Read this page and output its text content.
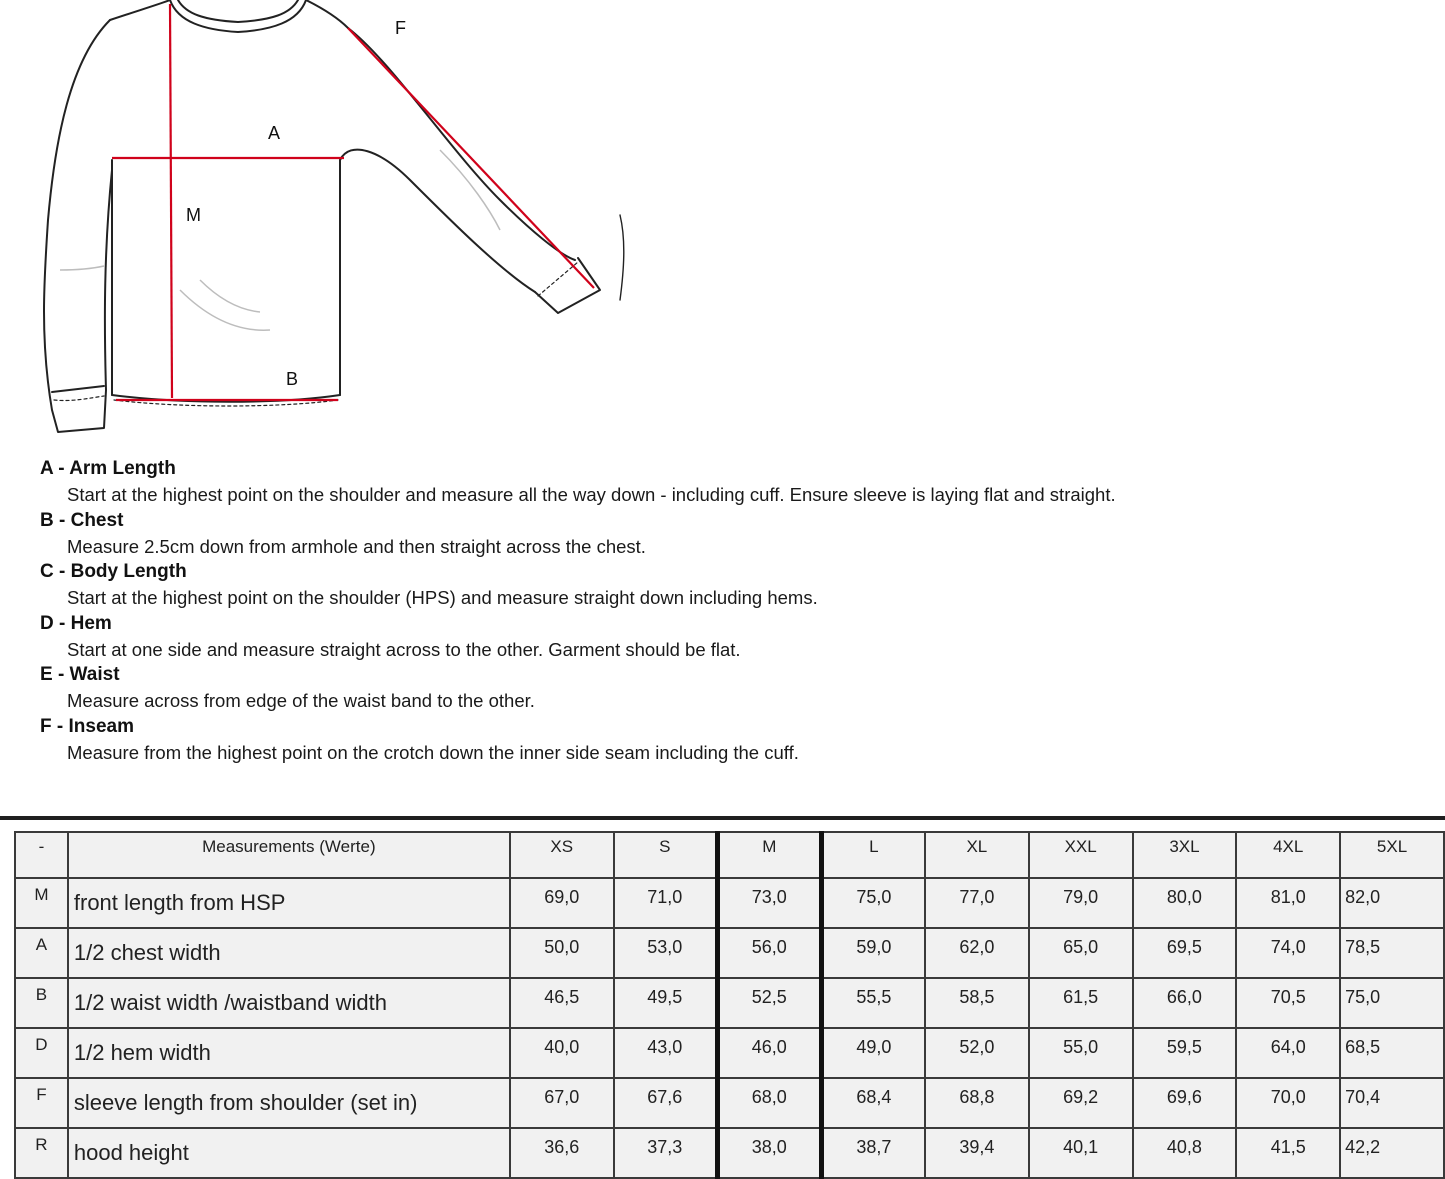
A
B
M
F
A - Arm Length
Start at the highest point on the shoulder and measure all the way down - including cuff. Ensure sleeve is laying flat and straight.
B - Chest
Measure 2.5cm down from armhole and then straight across the chest.
C - Body Length
Start at the highest point on the shoulder (HPS) and measure straight down including hems.
D - Hem
Start at one side and measure straight across to the other. Garment should be flat.
E - Waist
Measure across from edge of the waist band to the other.
F - Inseam
Measure from the highest point on the crotch down the inner side seam including the cuff.
-	Measurements (Werte)	XS	S	M	L	XL	XXL	3XL	4XL	5XL
M	front length from HSP	69,0	71,0	73,0	75,0	77,0	79,0	80,0	81,0	82,0
A	1/2 chest width	50,0	53,0	56,0	59,0	62,0	65,0	69,5	74,0	78,5
B	1/2 waist width /waistband width	46,5	49,5	52,5	55,5	58,5	61,5	66,0	70,5	75,0
D	1/2 hem width	40,0	43,0	46,0	49,0	52,0	55,0	59,5	64,0	68,5
F	sleeve length from shoulder (set in)	67,0	67,6	68,0	68,4	68,8	69,2	69,6	70,0	70,4
R	hood height	36,6	37,3	38,0	38,7	39,4	40,1	40,8	41,5	42,2
